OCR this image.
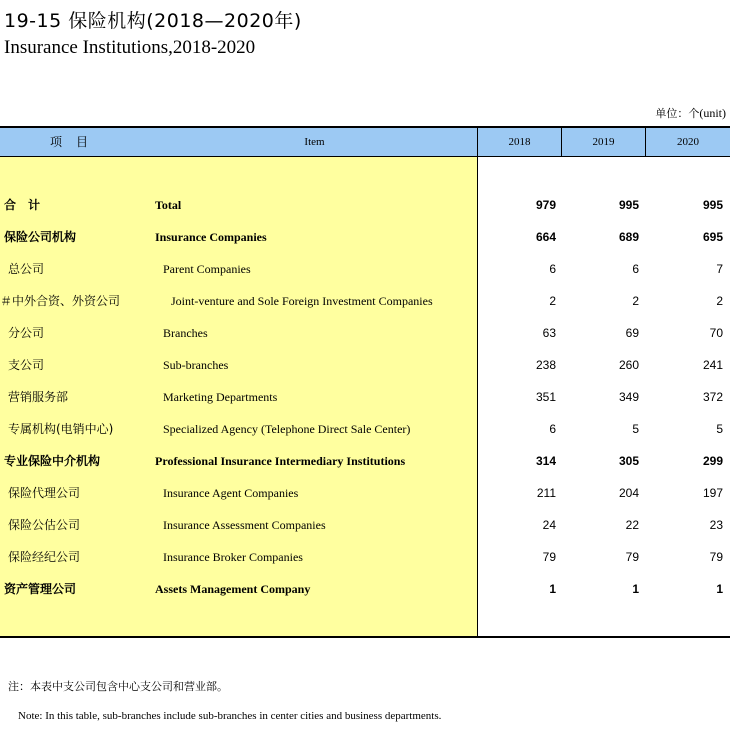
19-15 保险机构(2018—2020年)
Insurance Institutions,2018-2020
单位：个(unit)
项目	Item	2018	2019	2020
合　计	Total	979	995	995
保险公司机构	Insurance Companies	664	689	695
总公司	Parent Companies	6	6	7
＃中外合资、外资公司	Joint-venture and Sole Foreign Investment Companies	2	2	2
分公司	Branches	63	69	70
支公司	Sub-branches	238	260	241
营销服务部	Marketing Departments	351	349	372
专属机构(电销中心)	Specialized Agency (Telephone Direct Sale Center)	6	5	5
专业保险中介机构	Professional Insurance Intermediary Institutions	314	305	299
保险代理公司	Insurance Agent Companies	211	204	197
保险公估公司	Insurance Assessment Companies	24	22	23
保险经纪公司	Insurance Broker Companies	79	79	79
资产管理公司	Assets Management Company	1	1	1
注：本表中支公司包含中心支公司和营业部。
Note: In this table, sub-branches include sub-branches in center cities and business departments.
